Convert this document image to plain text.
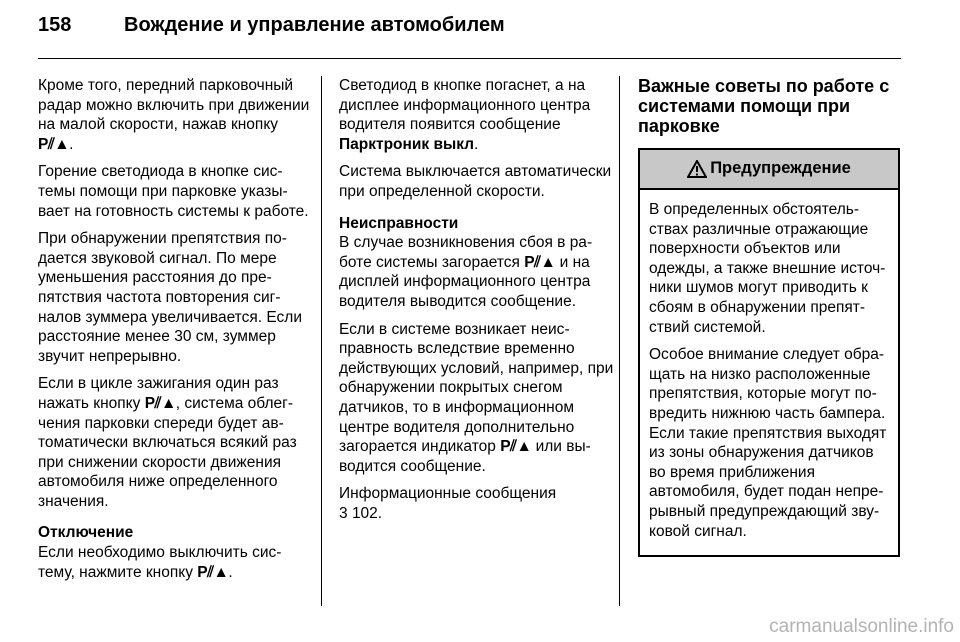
158	Вождение и управление автомобилем

Кроме того, передний парковочный радар можно включить при движении на малой скорости, нажав кнопку P⫽▲.

Горение светодиода в кнопке системы помощи при парковке указывает на готовность системы к работе.

При обнаружении препятствия подается звуковой сигнал. По мере уменьшения расстояния до препятствия частота повторения сигналов зуммера увеличивается. Если расстояние менее 30 см, зуммер звучит непрерывно.

Если в цикле зажигания один раз нажать кнопку P⫽▲, система облегчения парковки спереди будет автоматически включаться всякий раз при снижении скорости движения автомобиля ниже определенного значения.

Отключение

Если необходимо выключить систему, нажмите кнопку P⫽▲.

Светодиод в кнопке погаснет, а на дисплее информационного центра водителя появится сообщение Парктроник выкл.

Система выключается автоматически при определенной скорости.

Неисправности

В случае возникновения сбоя в работе системы загорается P⫽▲ и на дисплей информационного центра водителя выводится сообщение.

Если в системе возникает неисправность вследствие временно действующих условий, например, при обнаружении покрытых снегом датчиков, то в информационном центре водителя дополнительно загорается индикатор P⫽▲ или выводится сообщение.

Информационные сообщения
3 102.

Важные советы по работе с системами помощи при парковке
Предупреждение

В определенных обстоятельствах различные отражающие поверхности объектов или одежды, а также внешние источники шумов могут приводить к сбоям в обнаружении препятствий системой.

Особое внимание следует обращать на низко расположенные препятствия, которые могут повредить нижнюю часть бампера. Если такие препятствия выходят из зоны обнаружения датчиков во время приближения автомобиля, будет подан непрерывный предупреждающий звуковой сигнал.

carmanualsonline.info
